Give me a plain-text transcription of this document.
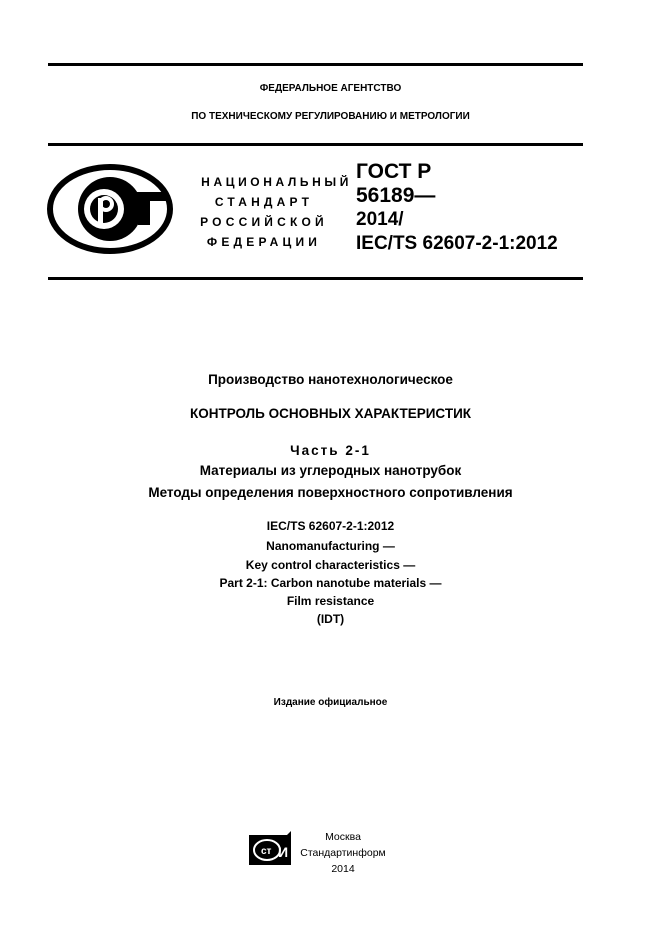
ФЕДЕРАЛЬНОЕ АГЕНТСТВО
ПО ТЕХНИЧЕСКОМУ РЕГУЛИРОВАНИЮ И МЕТРОЛОГИИ
НАЦИОНАЛЬНЫЙ
СТАНДАРТ
РОССИЙСКОЙ
ФЕДЕРАЦИИ
ГОСТ Р
56189—
2014/
IEC/TS 62607-2-1:2012
Производство нанотехнологическое
КОНТРОЛЬ ОСНОВНЫХ ХАРАКТЕРИСТИК
Часть 2-1
Материалы из углеродных нанотрубок
Методы определения поверхностного сопротивления
IEC/TS 62607-2-1:2012
Nanomanufacturing —
Key control characteristics —
Part 2-1: Carbon nanotube materials —
Film resistance
(IDT)
Издание официальное
ст И
Москва
Стандартинформ
2014
